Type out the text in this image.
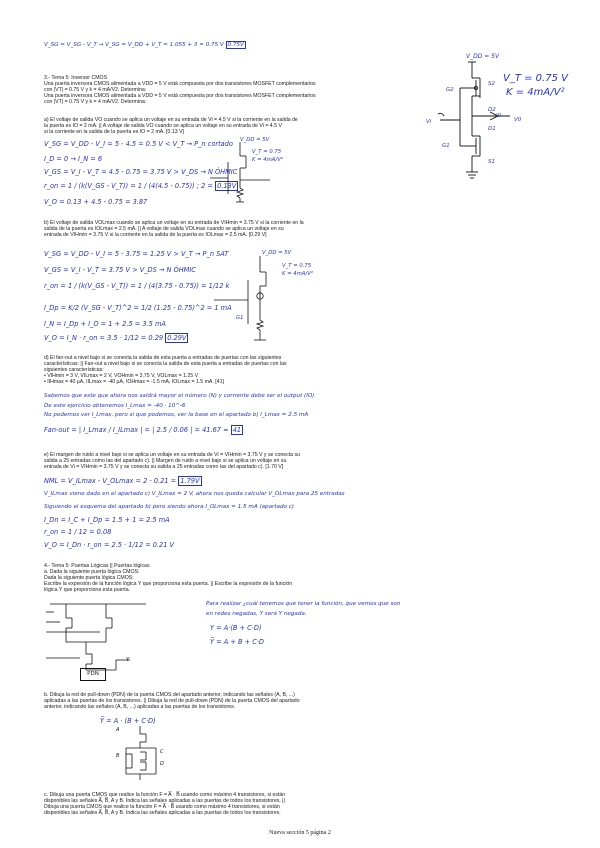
V_SG = V_SG - V_T → V_SG = V_DD + V_T = 1.055 + 3 = 0.75 V 0.75V
V_DD = 5V
V_T = 0.75 V
K = 4mA/V²
S2
G2
D2
D1
G1
S1
Vi
I0
V0
3.- Tema 5: Inversor CMOS
Una puerta inversora CMOS alimentada a VDD = 5 V está compuesta por dos transistores MOSFET complementarios
con |VT| = 0.75 V y k = 4 mA/V2. Determina:
Una puerta inversora CMOS alimentada a VDD = 5 V está compuesta por dos transistores MOSFET complementarios
con |VT| = 0.75 V y k = 4 mA/V2. Determina:
a) El voltaje de salida VO cuando se aplica un voltaje en su entrada de Vi = 4.5 V si la corriente en la salida de
la puerta es IO = 2 mA. || A voltaje de salida VO cuando se aplica un voltaje en su entrada de Vi = 4.5 V
si la corriente en la salida de la puerta es IO = 2 mA. [0.13 V]
V_SG = V_DD - V_I = 5 - 4.5 = 0.5 V < V_T → P_n cortado
I_D = 0 → I_N = 6
V_GS = V_I - V_T = 4.5 - 0.75 = 3.75 V > V_DS → N ÓHMIC
r_on = 1 / (k(V_GS - V_T)) = 1 / (4(4.5 - 0.75)) ; 2 = 0.13V
V_O = 0.13 + 4.5 - 0.75 = 3.87
V_DD = 5V
V_T = 0.75
K = 4mA/V²
b) El voltaje de salida VOLmax cuando se aplica un voltaje en su entrada de VIHmin = 3.75 V si la corriente en la
salida de la puerta es IOLmax = 2.5 mA. || A voltaje de salida VOLmax cuando se aplica un voltaje en su
entrada de VIHmin = 3.75 V si la corriente en la salida de la puerta es IOLmax = 2.5 mA. [0.29 V]
V_SG = V_DD - V_I = 5 - 3.75 = 1.25 V > V_T → P_n SAT
V_GS = V_I - V_T = 3.75 V > V_DS → N ÓHMIC
r_on = 1 / (k(V_GS - V_T)) = 1 / (4(3.75 - 0.75)) = 1/12 k
I_Dp = K/2 (V_SG - V_T)^2 = 1/2 (1.25 - 0.75)^2 = 1 mA
I_N = I_Dp + I_O = 1 + 2.5 = 3.5 mA
V_O = I_N · r_on = 3.5 · 1/12 = 0.29 0.29V
V_DD = 5V
V_T = 0.75
K = 4mA/V²
G1
d) El fan-out a nivel bajo si se conecta la salida de esta puerta a entradas de puertas con las siguientes
características: || Fan-out a nivel bajo si se conecta la salida de esta puerta a entradas de puertas con las
siguientes características:
• VIHmin = 3 V, VILmax = 2 V, VOHmin = 3.75 V, VOLmax = 1.25 V
• IIHmax = 40 µA, IILmax = -40 µA, IOHmax = -1.5 mA, IOLmax = 1.5 mA. [41]
Sabemos que este que ahora nos saldrá mayor el número (N) y corriente debe ser el output (IO)
De este ejercicio obtenemos I_Lmax = -40 · 10^-6
No podemos ver I_Lmax, pero si que podemos, ver la base en el apartado b) I_Lmax = 2.5 mA
Fan-out = | I_Lmax / I_ILmax | = | 2.5 / 0.06 | = 41.67 ≈ 41
e) El margen de ruido a nivel bajo si se aplica un voltaje en su entrada de Vi = VIHmin = 3.75 V y se conecta su
salida a 25 entradas como las del apartado c). || Margen de ruido a nivel bajo si se aplica un voltaje en su
entrada de Vi = VIHmin = 3.75 V y se conecta su salida a 25 entradas como las del apartado c). [1.70 V]
NML = V_ILmax - V_OLmax = 2 - 0.21 = 1.79V
V_ILmax viene dado en el apartado c) V_ILmax = 2 V, ahora nos queda calcular V_OLmax para 25 entradas
Siguiendo el esquema del apartado b) pero siendo ahora I_OLmax = 1.5 mA (apartado c)
I_Dn = I_C + I_Dp = 1.5 + 1 = 2.5 mA
r_on = 1 / 12 = 0.08
V_O = I_Dn · r_on = 2.5 · 1/12 = 0.21 V
4.- Tema 5: Puertas Lógicas || Puertas lógicas
a. Dada la siguiente puerta lógica CMOS:
Dada la siguiente puerta lógica CMOS:
Escribe la expresión de la función lógica Y que proporciona esta puerta. || Escribe la expresión de la función
lógica Y que proporciona esta puerta.
Y
PDN
Para realizar ¿cuál tenemos que tener la función, que vemos que son
en redes negadas, Y será Y negada.
Y = A·(B + C·D)
Y̅ = A + B + C·D
b. Dibuja la red de pull-down (PDN) de la puerta CMOS del apartado anterior, indicando las señales (A, B, ...)
aplicadas a las puertas de los transistores. || Dibuja la red de pull-down (PDN) de la puerta CMOS del apartado
anterior, indicando las señales (A, B, ...) aplicadas a las puertas de los transistores.
Y̅ = A · (B + C·D)
A
B
C
D
c. Dibuja una puerta CMOS que realice la función F = A̅ · B̅ usando como máximo 4 transistores, si están
disponibles las señales A̅, B̅, A y B. Indica las señales aplicadas a las puertas de todos los transistores. ||
Dibuja una puerta CMOS que realice la función F = A̅ · B̅ usando como máximo 4 transistores, si están
disponibles las señales A̅, B̅, A y B. Indica las señales aplicadas a las puertas de todos los transistores.
Nueva sección 5 página 2
